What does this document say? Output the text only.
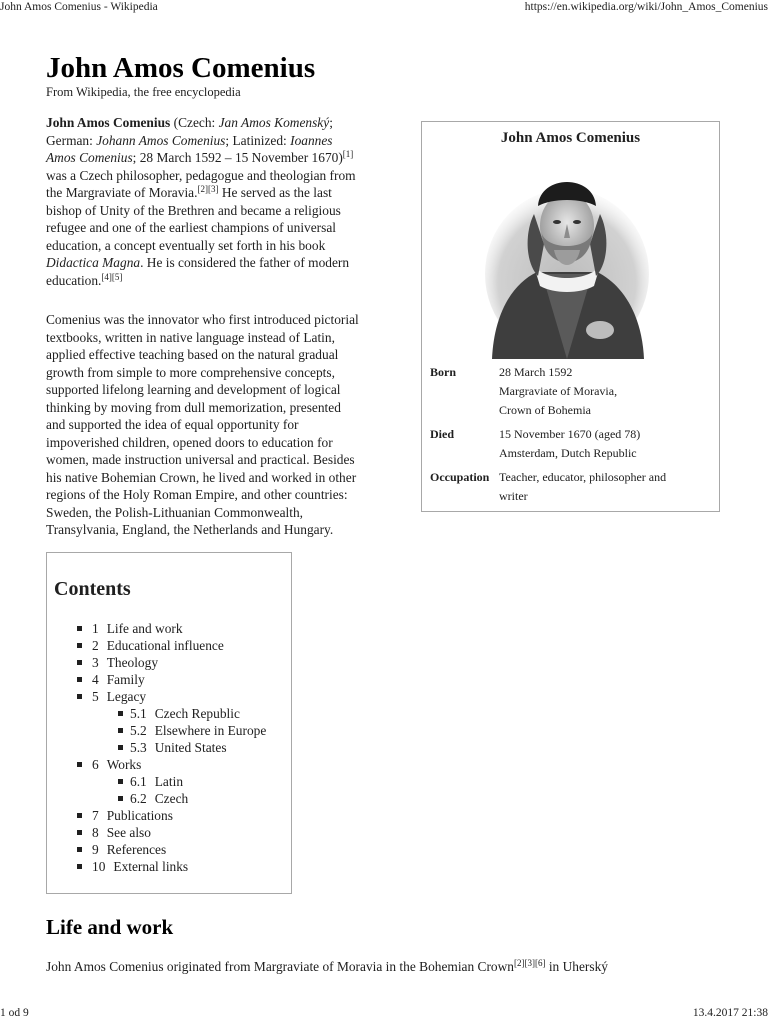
John Amos Comenius - Wikipedia	https://en.wikipedia.org/wiki/John_Amos_Comenius
John Amos Comenius
From Wikipedia, the free encyclopedia

John Amos Comenius (Czech: Jan Amos Komenský;
German: Johann Amos Comenius; Latinized: Ioannes
Amos Comenius; 28 March 1592 – 15 November 1670)[1]
was a Czech philosopher, pedagogue and theologian from
the Margraviate of Moravia.[2][3] He served as the last
bishop of Unity of the Brethren and became a religious
refugee and one of the earliest champions of universal
education, a concept eventually set forth in his book
Didactica Magna. He is considered the father of modern
education.[4][5]

Comenius was the innovator who first introduced pictorial
textbooks, written in native language instead of Latin,
applied effective teaching based on the natural gradual
growth from simple to more comprehensive concepts,
supported lifelong learning and development of logical
thinking by moving from dull memorization, presented
and supported the idea of equal opportunity for
impoverished children, opened doors to education for
women, made instruction universal and practical. Besides
his native Bohemian Crown, he lived and worked in other
regions of the Holy Roman Empire, and other countries:
Sweden, the Polish-Lithuanian Commonwealth,
Transylvania, England, the Netherlands and Hungary.

John Amos Comenius
Born	28 March 1592
Margraviate of Moravia,
Crown of Bohemia
Died	15 November 1670 (aged 78)
Amsterdam, Dutch Republic
Occupation Teacher, educator, philosopher and
writer
Contents
1 Life and work
2 Educational influence
3 Theology
4 Family
5 Legacy
5.1 Czech Republic
5.2 Elsewhere in Europe
5.3 United States
6 Works
6.1 Latin
6.2 Czech
7 Publications
8 See also
9 References
10 External links
Life and work

John Amos Comenius originated from Margraviate of Moravia in the Bohemian Crown[2][3][6] in Uherský

1 od 9	13.4.2017 21:38
